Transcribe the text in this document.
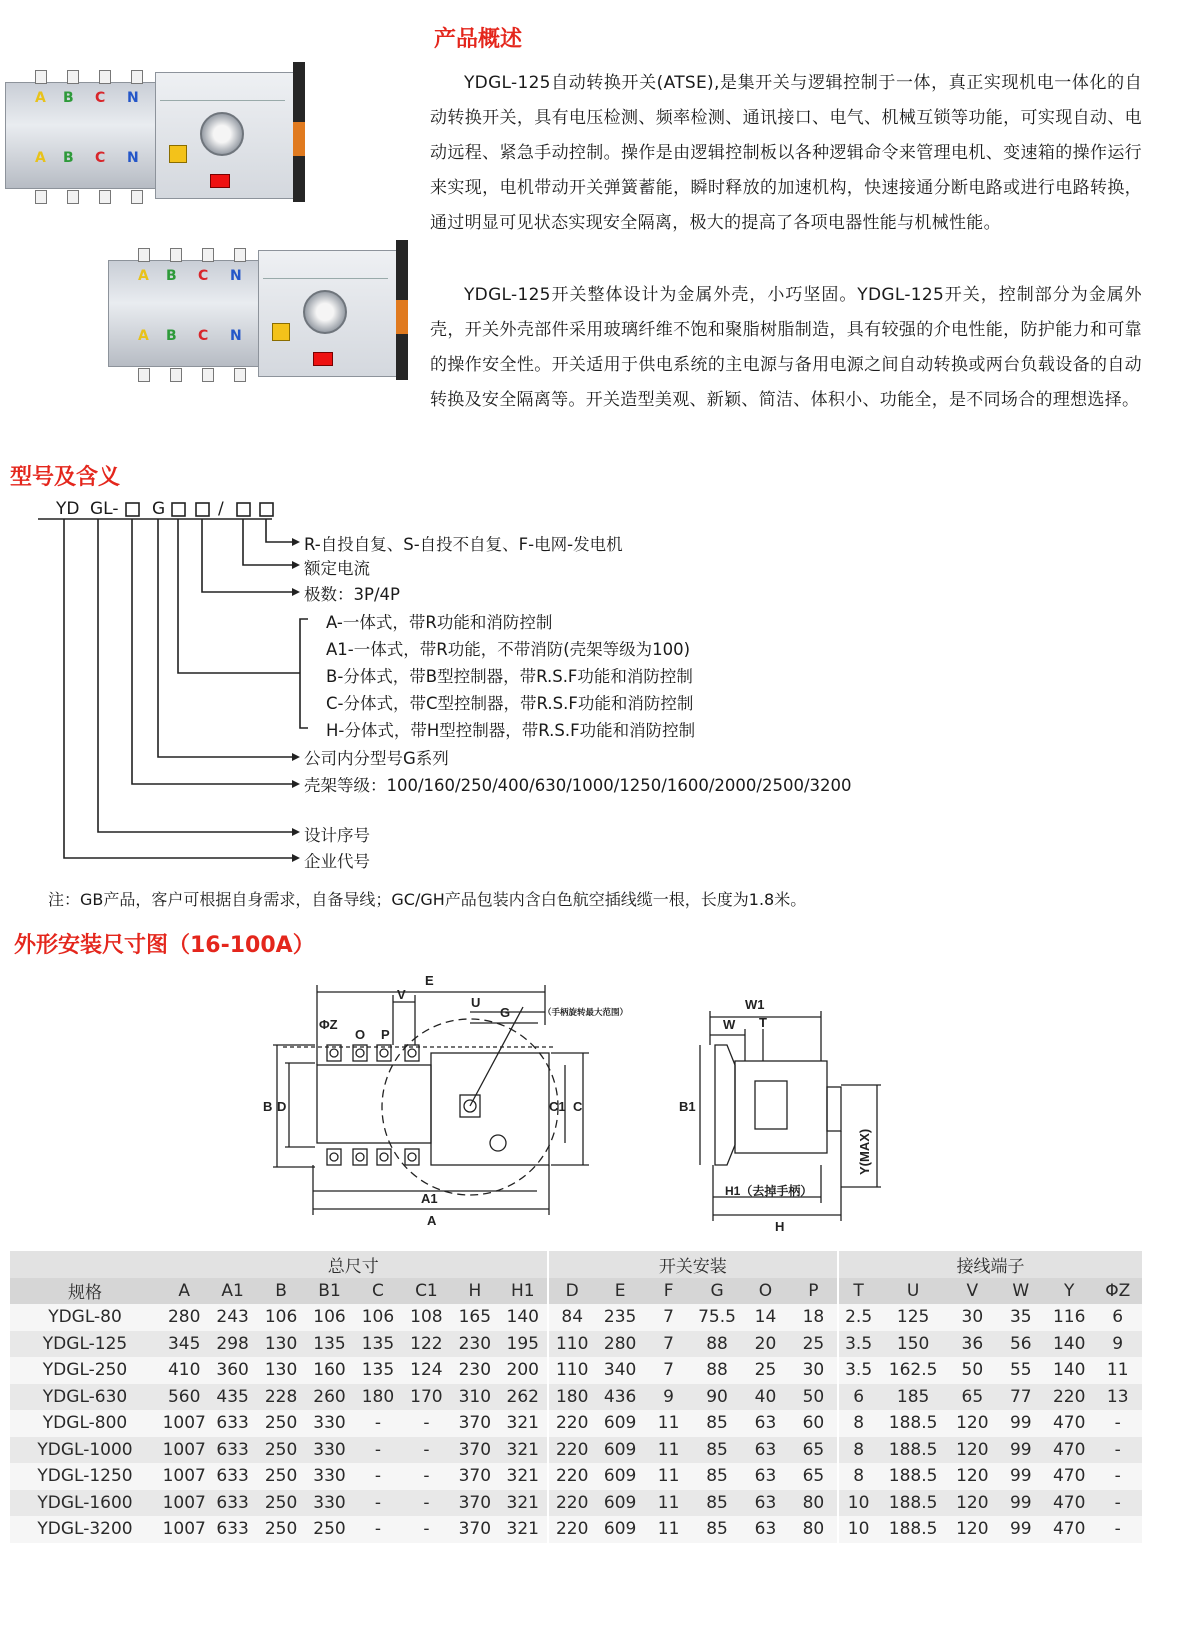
A B C N
A B C N
A B C N
A B C N
产品概述
YDGL-125自动转换开关(ATSE),是集开关与逻辑控制于一体，真正实现机电一体化的自动转换开关，具有电压检测、频率检测、通讯接口、电气、机械互锁等功能，可实现自动、电动远程、紧急手动控制。操作是由逻辑控制板以各种逻辑命令来管理电机、变速箱的操作运行来实现，电机带动开关弹簧蓄能，瞬时释放的加速机构，快速接通分断电路或进行电路转换，通过明显可见状态实现安全隔离，极大的提高了各项电器性能与机械性能。
YDGL-125开关整体设计为金属外壳，小巧坚固。YDGL-125开关，控制部分为金属外壳，开关外壳部件采用玻璃纤维不饱和聚脂树脂制造，具有较强的介电性能，防护能力和可靠的操作安全性。开关适用于供电系统的主电源与备用电源之间自动转换或两台负载设备的自动转换及安全隔离等。开关造型美观、新颖、简洁、体积小、功能全，是不同场合的理想选择。
型号及含义
YD GL- G	/
R-自投自复、S-自投不自复、F-电网-发电机
额定电流
极数：3P/4P
A-一体式，带R功能和消防控制
A1-一体式，带R功能，不带消防(壳架等级为100)
B-分体式，带B型控制器，带R.S.F功能和消防控制
C-分体式，带C型控制器，带R.S.F功能和消防控制
H-分体式，带H型控制器，带R.S.F功能和消防控制
公司内分型号G系列
壳架等级：100/160/250/400/630/1000/1250/1600/2000/2500/3200
设计序号
企业代号
注：GB产品，客户可根据自身需求，自备导线；GC/GH产品包装内含白色航空插线缆一根，长度为1.8米。
外形安装尺寸图（16-100A）
E
U
V
G
ΦZ
O P
B D	C1 C
A1
A
（手柄旋转最大范围）	W1
W T
B1
H1（去掉手柄）
H
Y(MAX)
	总尺寸								开关安装						接线端子					
规格	A	A1	B	B1	C	C1	H	H1	D	E	F	G	O	P	T	U	V	W	Y	ΦZ
YDGL-80	280	243	106	106	106	108	165	140	84	235	7	75.5	14	18	2.5	125	30	35	116	6
YDGL-125	345	298	130	135	135	122	230	195	110	280	7	88	20	25	3.5	150	36	56	140	9
YDGL-250	410	360	130	160	135	124	230	200	110	340	7	88	25	30	3.5	162.5	50	55	140	11
YDGL-630	560	435	228	260	180	170	310	262	180	436	9	90	40	50	6	185	65	77	220	13
YDGL-800	1007	633	250	330	-	-	370	321	220	609	11	85	63	60	8	188.5	120	99	470	-
YDGL-1000	1007	633	250	330	-	-	370	321	220	609	11	85	63	65	8	188.5	120	99	470	-
YDGL-1250	1007	633	250	330	-	-	370	321	220	609	11	85	63	65	8	188.5	120	99	470	-
YDGL-1600	1007	633	250	330	-	-	370	321	220	609	11	85	63	80	10	188.5	120	99	470	-
YDGL-3200	1007	633	250	250	-	-	370	321	220	609	11	85	63	80	10	188.5	120	99	470	-
